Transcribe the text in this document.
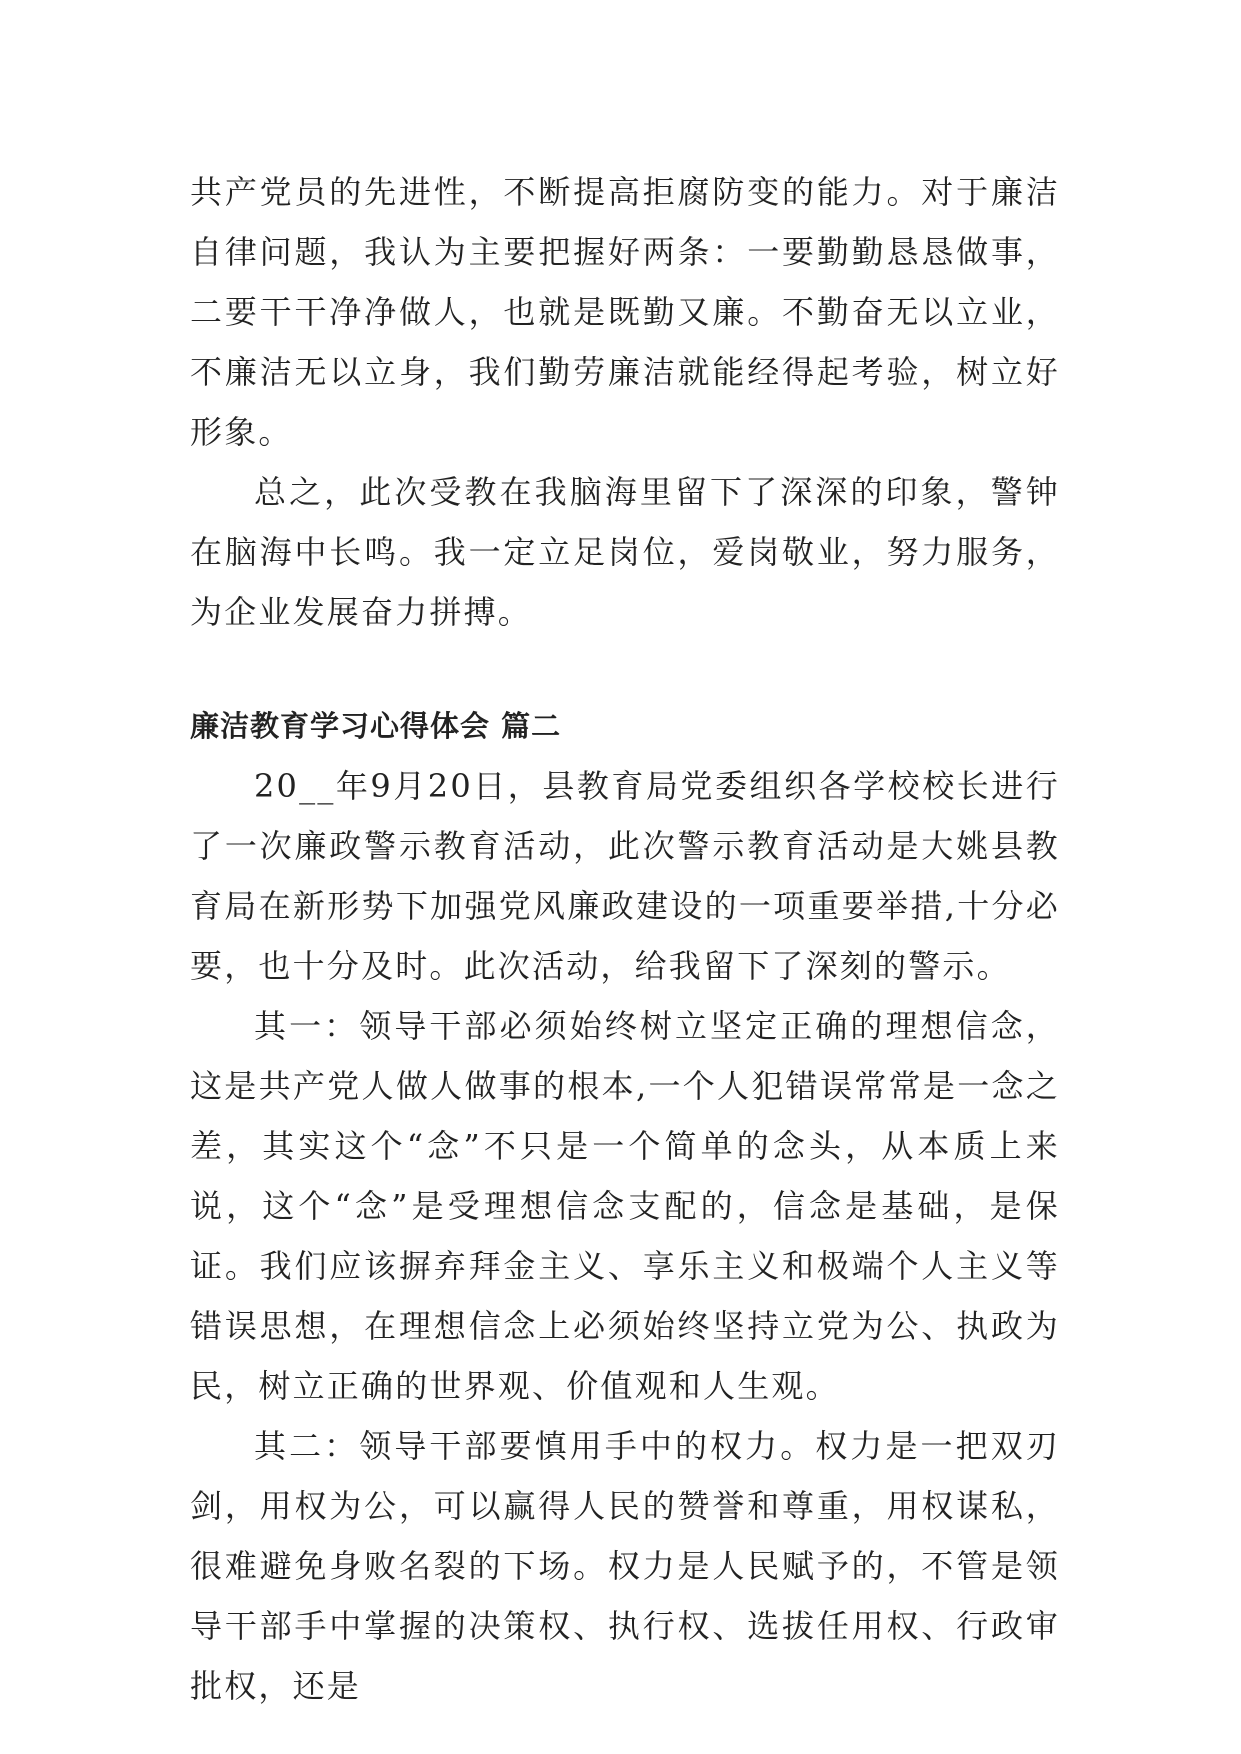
共产党员的先进性，不断提高拒腐防变的能力。对于廉洁自律问题，我认为主要把握好两条：一要勤勤恳恳做事，二要干干净净做人，也就是既勤又廉。不勤奋无以立业，不廉洁无以立身，我们勤劳廉洁就能经得起考验，树立好形象。

总之，此次受教在我脑海里留下了深深的印象，警钟在脑海中长鸣。我一定立足岗位，爱岗敬业，努力服务，为企业发展奋力拼搏。

廉洁教育学习心得体会 篇二

20__年9月20日，县教育局党委组织各学校校长进行了一次廉政警示教育活动，此次警示教育活动是大姚县教育局在新形势下加强党风廉政建设的一项重要举措,十分必要，也十分及时。此次活动，给我留下了深刻的警示。

其一：领导干部必须始终树立坚定正确的理想信念，这是共产党人做人做事的根本,一个人犯错误常常是一念之差，其实这个“念”不只是一个简单的念头，从本质上来说，这个“念”是受理想信念支配的，信念是基础，是保证。我们应该摒弃拜金主义、享乐主义和极端个人主义等错误思想，在理想信念上必须始终坚持立党为公、执政为民，树立正确的世界观、价值观和人生观。

其二：领导干部要慎用手中的权力。权力是一把双刃剑，用权为公，可以赢得人民的赞誉和尊重，用权谋私，很难避免身败名裂的下场。权力是人民赋予的，不管是领导干部手中掌握的决策权、执行权、选拔任用权、行政审批权，还是
